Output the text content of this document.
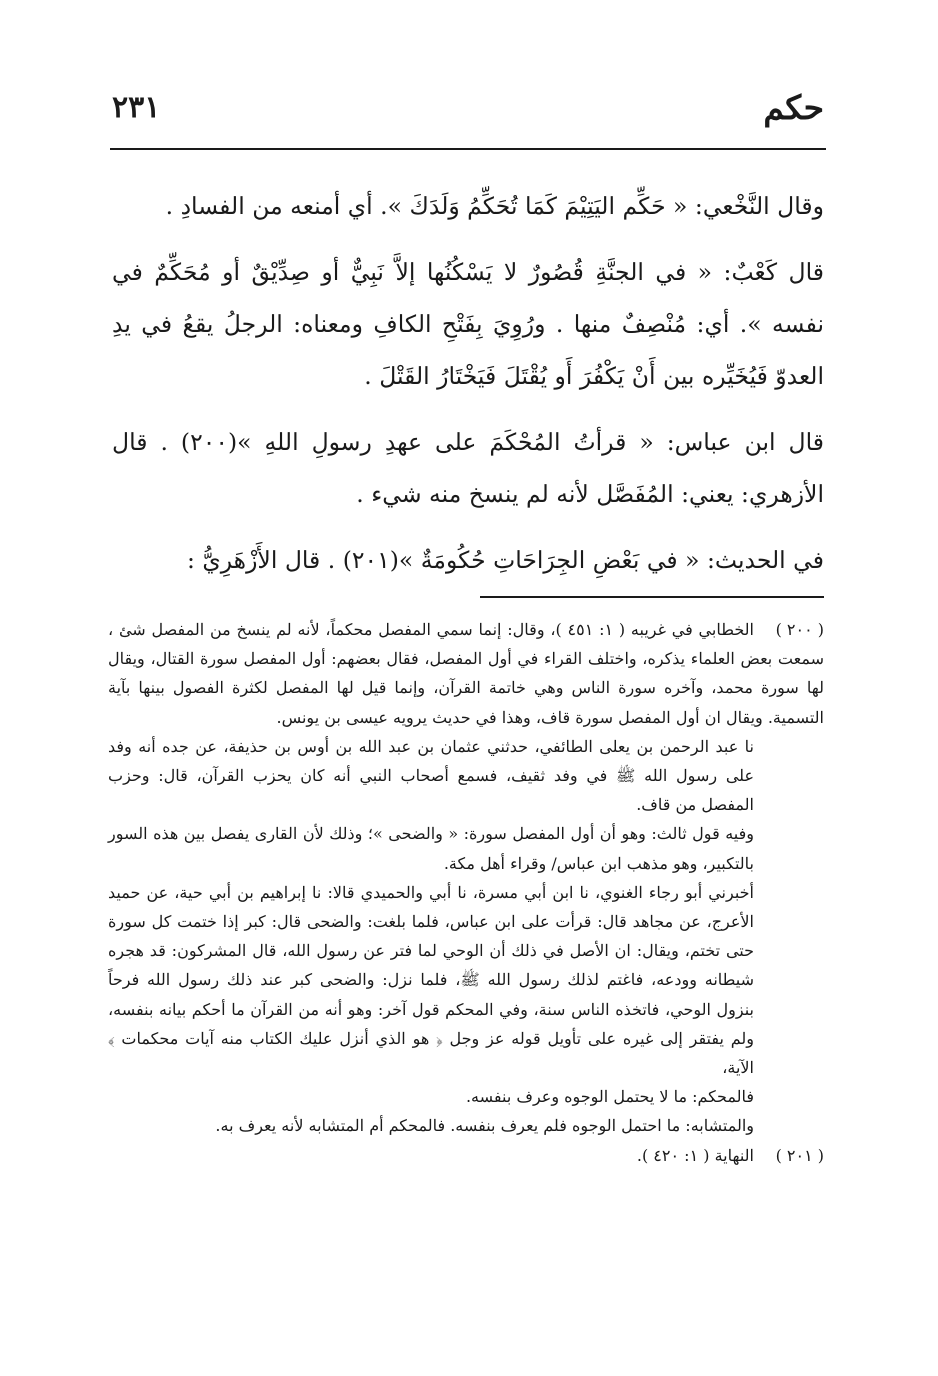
حكم
٢٣١

وقال النَّخْعي: « حَكِّم اليَتِيْمَ كَمَا تُحَكِّمُ وَلَدَكَ ». أي أمنعه من الفسادِ .

قال كَعْبٌ: « في الجنَّةِ قُصُورٌ لا يَسْكُنُها إلاَّ نَبِيٌّ أو صِدِّيْقٌ أو مُحَكِّمٌ في نفسه ». أي: مُنْصِفٌ منها . ورُوِيَ بِفَتْحِ الكافِ ومعناه: الرجلُ يقعُ في يدِ العدوّ فَيُخَيِّره بين أَنْ يَكْفُرَ أَو يُقْتَلَ فَيَخْتَارُ القَتْلَ .

قال ابن عباس: « قرأتُ المُحْكَمَ على عهدِ رسولِ اللهِ »(٢٠٠) . قال الأزهري: يعني: المُفَصَّل لأنه لم ينسخ منه شيء .

في الحديث: « في بَعْضِ الجِرَاحَاتِ حُكُومَةٌ »(٢٠١) . قال الأَزْهَرِيُّ :

( ٢٠٠ )الخطابي في غريبه ( ١: ٤٥١ )، وقال: إنما سمي المفصل محكماً، لأنه لم ينسخ من المفصل شئ ، سمعت بعض العلماء يذكره، واختلف القراء في أول المفصل، فقال بعضهم: أول المفصل سورة القتال، ويقال لها سورة محمد، وآخره سورة الناس وهي خاتمة القرآن، وإنما قيل لها المفصل لكثرة الفصول بينها بآية التسمية. ويقال ان أول المفصل سورة قاف، وهذا في حديث يرويه عيسى بن يونس.

نا عبد الرحمن بن يعلى الطائفي، حدثني عثمان بن عبد الله بن أوس بن حذيفة، عن جده أنه وفد على رسول الله ﷺ في وفد ثقيف، فسمع أصحاب النبي أنه كان يحزب القرآن، قال: وحزب المفصل من قاف.

وفيه قول ثالث: وهو أن أول المفصل سورة: « والضحى »؛ وذلك لأن القارى يفصل بين هذه السور بالتكبير، وهو مذهب ابن عباس/ وقراء أهل مكة.

أخبرني أبو رجاء الغنوي، نا ابن أبي مسرة، نا أبي والحميدي قالا: نا إبراهيم بن أبي حية، عن حميد الأعرج، عن مجاهد قال: قرأت على ابن عباس، فلما بلغت: والضحى قال: كبر إذا ختمت كل سورة حتى تختم، ويقال: ان الأصل في ذلك أن الوحي لما فتر عن رسول الله، قال المشركون: قد هجره شيطانه وودعه، فاغتم لذلك رسول الله ﷺ، فلما نزل: والضحى كبر عند ذلك رسول الله فرحاً بنزول الوحي، فاتخذه الناس سنة، وفي المحكم قول آخر: وهو أنه من القرآن ما أحكم بيانه بنفسه، ولم يفتقر إلى غيره على تأويل قوله عز وجل ﴿ هو الذي أنزل عليك الكتاب منه آيات محكمات ﴾ الآية،

فالمحكم: ما لا يحتمل الوجوه وعرف بنفسه.

والمتشابه: ما احتمل الوجوه فلم يعرف بنفسه. فالمحكم أم المتشابه لأنه يعرف به.

( ٢٠١ )النهاية ( ١: ٤٢٠ ).
